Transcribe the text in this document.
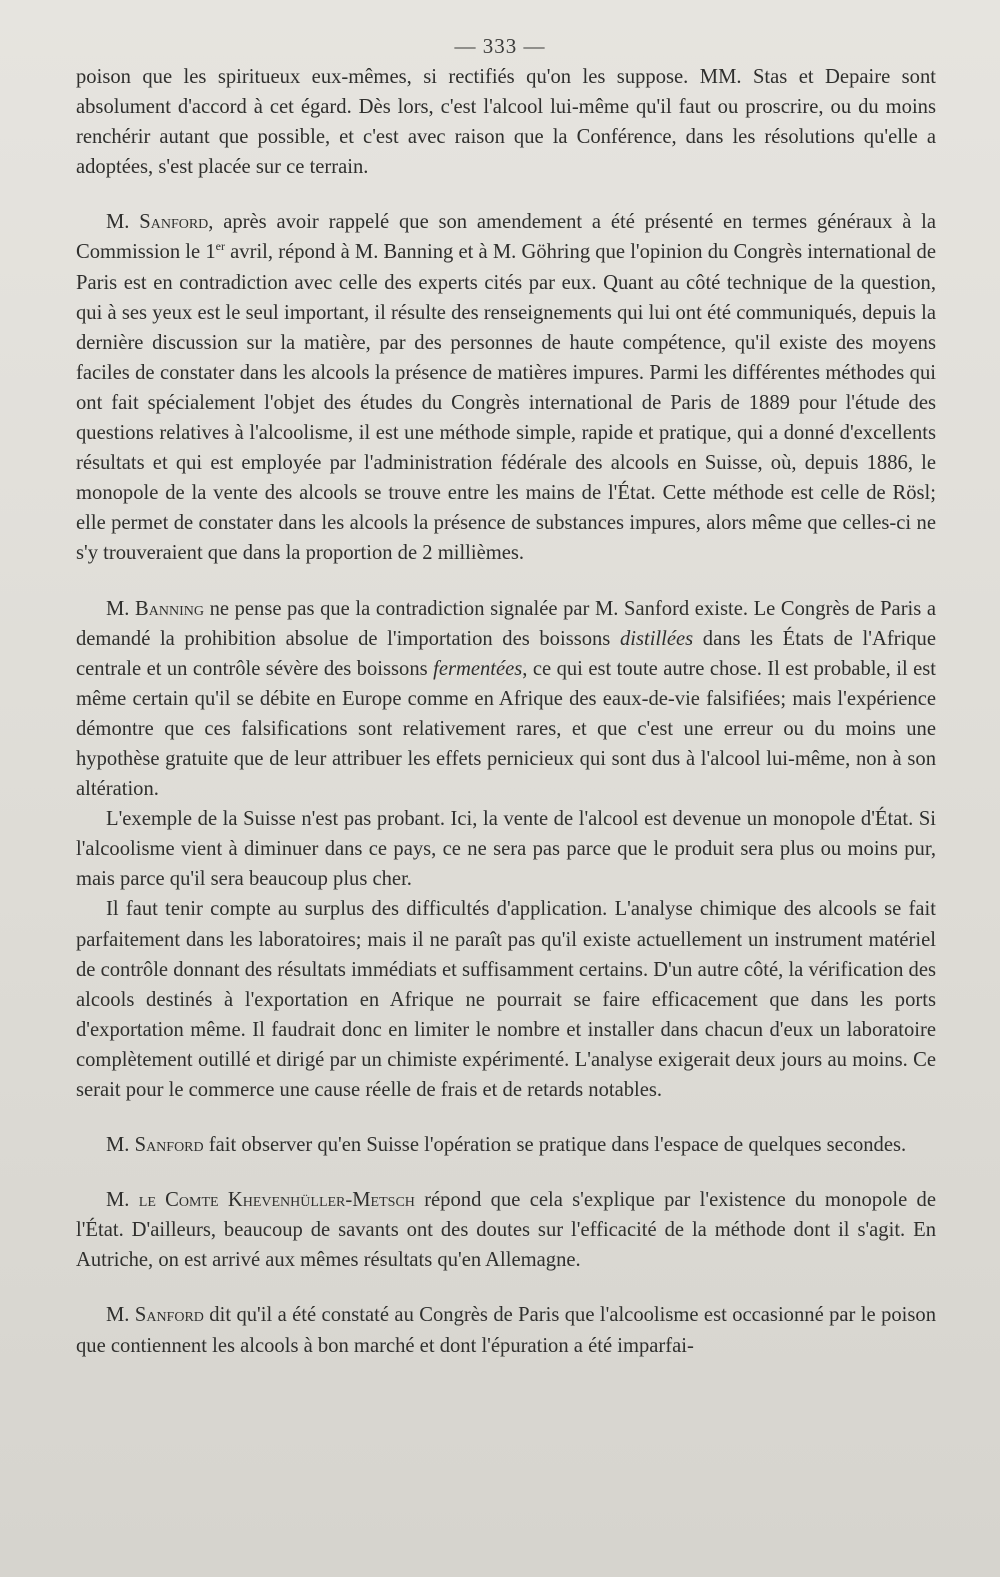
— 333 —

poison que les spiritueux eux-mêmes, si rectifiés qu'on les suppose. MM. Stas et Depaire sont absolument d'accord à cet égard. Dès lors, c'est l'alcool lui-même qu'il faut ou proscrire, ou du moins renchérir autant que possible, et c'est avec raison que la Conférence, dans les résolutions qu'elle a adoptées, s'est placée sur ce terrain.

M. Sanford, après avoir rappelé que son amendement a été présenté en termes généraux à la Commission le 1er avril, répond à M. Banning et à M. Göhring que l'opinion du Congrès international de Paris est en contradiction avec celle des experts cités par eux. Quant au côté technique de la question, qui à ses yeux est le seul important, il résulte des renseignements qui lui ont été communiqués, depuis la dernière discussion sur la matière, par des personnes de haute compétence, qu'il existe des moyens faciles de constater dans les alcools la présence de matières impures. Parmi les différentes méthodes qui ont fait spécialement l'objet des études du Congrès international de Paris de 1889 pour l'étude des questions relatives à l'alcoolisme, il est une méthode simple, rapide et pratique, qui a donné d'excellents résultats et qui est employée par l'administration fédérale des alcools en Suisse, où, depuis 1886, le monopole de la vente des alcools se trouve entre les mains de l'État. Cette méthode est celle de Rösl; elle permet de constater dans les alcools la présence de substances impures, alors même que celles-ci ne s'y trouveraient que dans la proportion de 2 millièmes.

M. Banning ne pense pas que la contradiction signalée par M. Sanford existe. Le Congrès de Paris a demandé la prohibition absolue de l'importation des boissons distillées dans les États de l'Afrique centrale et un contrôle sévère des boissons fermentées, ce qui est toute autre chose. Il est probable, il est même certain qu'il se débite en Europe comme en Afrique des eaux-de-vie falsifiées; mais l'expérience démontre que ces falsifications sont relativement rares, et que c'est une erreur ou du moins une hypothèse gratuite que de leur attribuer les effets pernicieux qui sont dus à l'alcool lui-même, non à son altération.

L'exemple de la Suisse n'est pas probant. Ici, la vente de l'alcool est devenue un monopole d'État. Si l'alcoolisme vient à diminuer dans ce pays, ce ne sera pas parce que le produit sera plus ou moins pur, mais parce qu'il sera beaucoup plus cher.

Il faut tenir compte au surplus des difficultés d'application. L'analyse chimique des alcools se fait parfaitement dans les laboratoires; mais il ne paraît pas qu'il existe actuellement un instrument matériel de contrôle donnant des résultats immédiats et suffisamment certains. D'un autre côté, la vérification des alcools destinés à l'exportation en Afrique ne pourrait se faire efficacement que dans les ports d'exportation même. Il faudrait donc en limiter le nombre et installer dans chacun d'eux un laboratoire complètement outillé et dirigé par un chimiste expérimenté. L'analyse exigerait deux jours au moins. Ce serait pour le commerce une cause réelle de frais et de retards notables.

M. Sanford fait observer qu'en Suisse l'opération se pratique dans l'espace de quelques secondes.

M. le Comte Khevenhüller-Metsch répond que cela s'explique par l'existence du monopole de l'État. D'ailleurs, beaucoup de savants ont des doutes sur l'efficacité de la méthode dont il s'agit. En Autriche, on est arrivé aux mêmes résultats qu'en Allemagne.

M. Sanford dit qu'il a été constaté au Congrès de Paris que l'alcoolisme est occasionné par le poison que contiennent les alcools à bon marché et dont l'épuration a été imparfai-
